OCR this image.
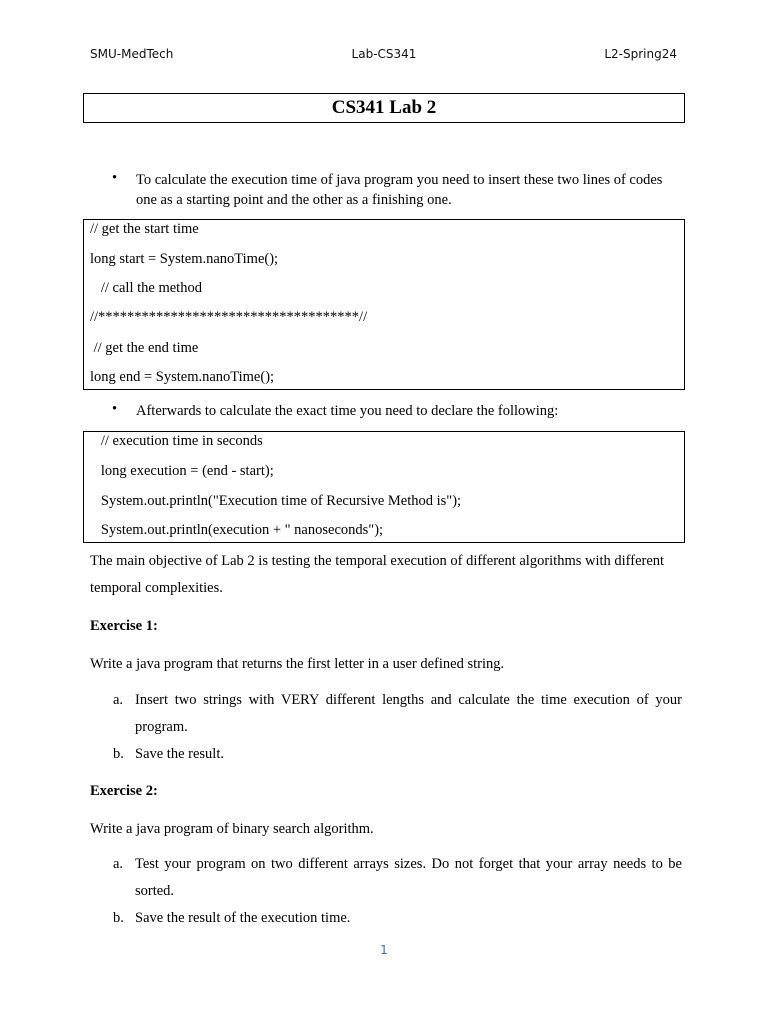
SMU-MedTech	Lab-CS341	L2-Spring24
CS341 Lab 2
• To calculate the execution time of java program you need to insert these two lines of codes one as a starting point and the other as a finishing one.
// get the start time
long start = System.nanoTime();
// call the method
//************************************//
// get the end time
long end = System.nanoTime();
• Afterwards to calculate the exact time you need to declare the following:
// execution time in seconds
long execution = (end - start);
System.out.println("Execution time of Recursive Method is");
System.out.println(execution + " nanoseconds");
The main objective of Lab 2 is testing the temporal execution of different algorithms with different temporal complexities.
Exercise 1:
Write a java program that returns the first letter in a user defined string.
a. Insert two strings with VERY different lengths and calculate the time execution of your program.
b. Save the result.
Exercise 2:
Write a java program of binary search algorithm.
a. Test your program on two different arrays sizes. Do not forget that your array needs to be sorted.
b. Save the result of the execution time.
1
